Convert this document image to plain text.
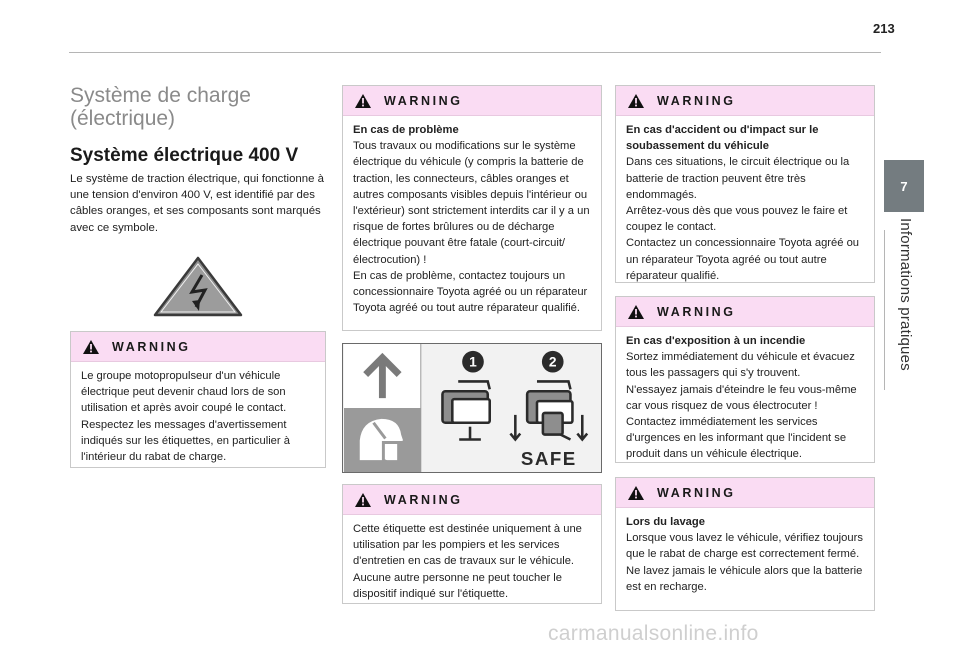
213
7
Informations pratiques
Système de charge (électrique)
Système électrique 400 V

Le système de traction électrique, qui fonctionne à une tension d'environ 400 V, est identifié par des câbles oranges, et ses composants sont marqués avec ce symbole.

WARNING
Le groupe motopropulseur d'un véhicule électrique peut devenir chaud lors de son utilisation et après avoir coupé le contact.
Respectez les messages d'avertissement indiqués sur les étiquettes, en particulier à l'intérieur du rabat de charge.
WARNING
En cas de problème
Tous travaux ou modifications sur le système électrique du véhicule (y compris la batterie de traction, les connecteurs, câbles oranges et autres composants visibles depuis l'intérieur ou l'extérieur) sont strictement interdits car il y a un risque de fortes brûlures ou de décharge électrique pouvant être fatale (court-circuit/électrocution) !
En cas de problème, contactez toujours un concessionnaire Toyota agréé ou un réparateur Toyota agréé ou tout autre réparateur qualifié.
1	2
SAFE
WARNING
Cette étiquette est destinée uniquement à une utilisation par les pompiers et les services d'entretien en cas de travaux sur le véhicule. Aucune autre personne ne peut toucher le dispositif indiqué sur l'étiquette.
WARNING
En cas d'accident ou d'impact sur le soubassement du véhicule
Dans ces situations, le circuit électrique ou la batterie de traction peuvent être très endommagés.
Arrêtez-vous dès que vous pouvez le faire et coupez le contact.
Contactez un concessionnaire Toyota agréé ou un réparateur Toyota agréé ou tout autre réparateur qualifié.
WARNING
En cas d'exposition à un incendie
Sortez immédiatement du véhicule et évacuez tous les passagers qui s'y trouvent.
N'essayez jamais d'éteindre le feu vous-même car vous risquez de vous électrocuter !
Contactez immédiatement les services d'urgences en les informant que l'incident se produit dans un véhicule électrique.
WARNING
Lors du lavage
Lorsque vous lavez le véhicule, vérifiez toujours que le rabat de charge est correctement fermé.
Ne lavez jamais le véhicule alors que la batterie est en recharge.
carmanualsonline.info
